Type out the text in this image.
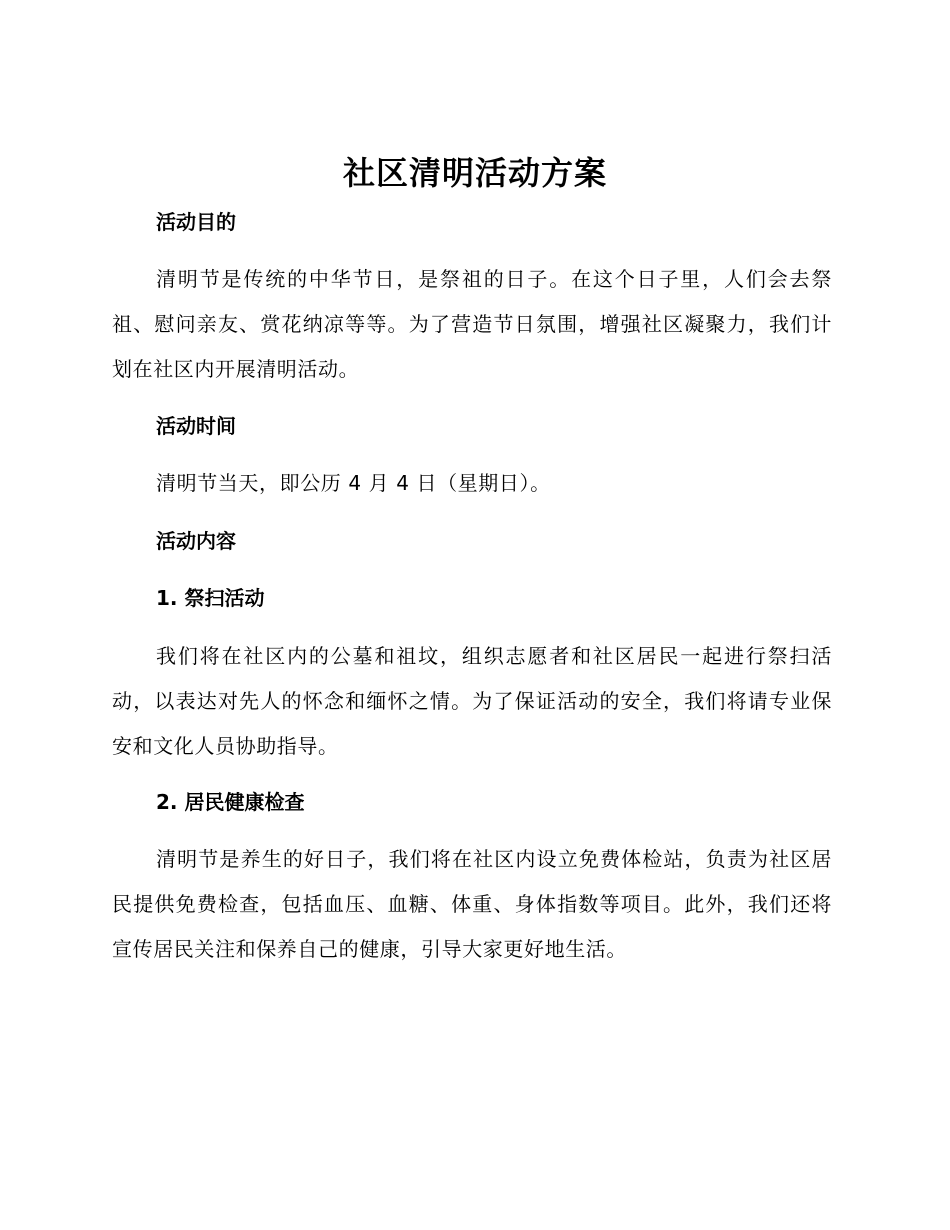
社区清明活动方案
活动目的
清明节是传统的中华节日，是祭祖的日子。在这个日子里，人们会去祭祖、慰问亲友、赏花纳凉等等。为了营造节日氛围，增强社区凝聚力，我们计划在社区内开展清明活动。
活动时间
清明节当天，即公历 4 月 4 日（星期日）。
活动内容
1. 祭扫活动
我们将在社区内的公墓和祖坟，组织志愿者和社区居民一起进行祭扫活动，以表达对先人的怀念和缅怀之情。为了保证活动的安全，我们将请专业保安和文化人员协助指导。
2. 居民健康检查
清明节是养生的好日子，我们将在社区内设立免费体检站，负责为社区居民提供免费检查，包括血压、血糖、体重、身体指数等项目。此外，我们还将宣传居民关注和保养自己的健康，引导大家更好地生活。
